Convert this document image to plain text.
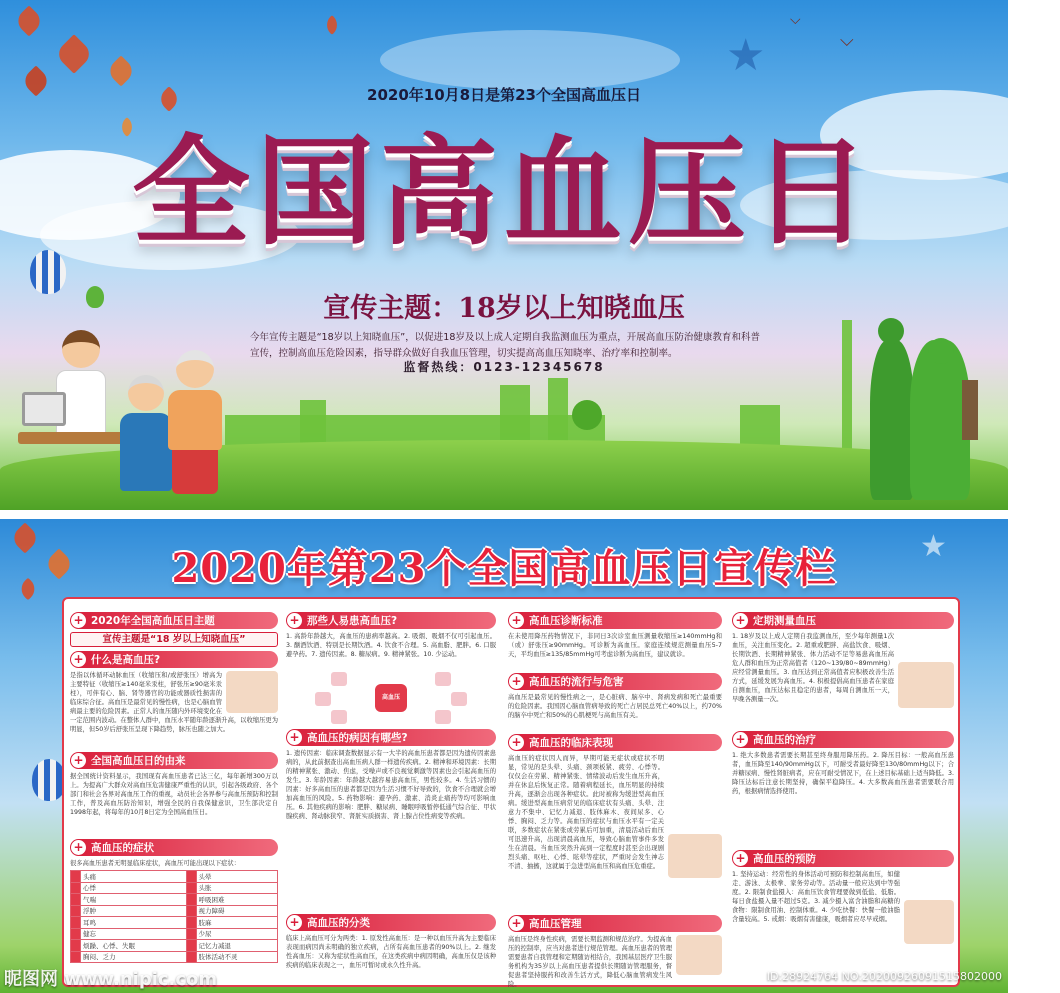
★	⌵
⌵
2020年10月8日是第23个全国高血压日
全国高血压日
宣传主题：18岁以上知晓血压
今年宣传主题是“18岁以上知晓血压”，以促进18岁及以上成人定期自我监测血压为重点，开展高血压防治健康教育和科普宣传，控制高血压危险因素，指导群众做好自我血压管理，切实提高高血压知晓率、治疗率和控制率。
监督热线：0123-12345678
★
2020年第23个全国高血压日宣传栏
+ 2020年全国高血压日主题
宣传主题是“18 岁以上知晓血压”
+ 什么是高血压?
是指以体循环动脉血压（收缩压和/或舒张压）增高为主要特征（收缩压≥140毫米汞柱，舒张压≥90毫米汞柱），可伴有心、脑、肾等器官的功能或器质性损害的临床综合征。高血压是最常见的慢性病，也是心脑血管病最主要的危险因素。正常人的血压随内外环境变化在一定范围内波动。在整体人群中，血压水平随年龄逐渐升高，以收缩压更为明显，但50岁后舒张压呈现下降趋势，脉压也随之加大。
+ 全国高血压日的由来
据全国统计资料显示，我国现有高血压患者已达三亿，每年新增300万以上。为提高广大群众对高血压危害健康严重性的认识，引起各级政府、各个部门和社会各界对高血压工作的重视，动员社会各界参与高血压预防和控制工作，普及高血压防治知识，增强全民的自我保健意识，卫生部决定自1998年起，将每年的10月8日定为全国高血压日。
+ 高血压的症状
很多高血压患者无明显临床症状，高血压可能出现以下症状：
	头痛		头晕
	心悸		头胀
	气喘		呼吸困难
	浮肿		视力障碍
	耳鸣		肢麻
	健忘		少尿
	烦躁、心悸、失眠		记忆力减退
	胸闷、乏力		肢体活动不灵
+ 那些人易患高血压?
1. 高龄年龄越大，高血压的患病率越高。2. 吸烟、吸烟不仅可引起血压。3. 酗酒饮酒、特别是长期饮酒。4. 饮食不合理。5. 高血脂、肥胖。6. 口服避孕药。7. 遗传因素。8. 糖尿病。9. 精神紧张。10. 少运动。
高血压
+ 高血压的病因有哪些?
1. 遗传因素：临床调查数据显示有一大半的高血压患者都是因为遗传因素患病的，从此前据查出高血压病人群一样遗传疾病。2. 精神和环境因素：长期的精神紧张、激动、焦虑，受噪声或不良视觉刺激等因素也会引起高血压的发生。3. 年龄因素：年龄越大越容易患高血压，男性较多。4. 生活习惯的因素：好多高血压的患者都是因为生活习惯不好导致的，饮食不合理就会增加高血压的风险。5. 药物影响：避孕药、激素、消炎止痛药等均可影响血压。6. 其他疾病的影响：肥胖、糖尿病、睡眠呼吸暂停低通气综合征、甲状腺疾病、肾动脉狭窄、肾脏实质损害、肾上腺占位性病变等疾病。
+ 高血压的分类
临床上高血压可分为两类：1. 原发性高血压：是一种以血压升高为主要临床表现而病因尚未明确的独立疾病，占所有高血压患者的90%以上。2. 继发性高血压：又称为症状性高血压，在这类疾病中病因明确，高血压仅是该种疾病的临床表现之一，血压可暂时或永久性升高。
+ 高血压诊断标准
在未使用降压药物情况下，非同日3次诊室血压测量收缩压≥140mmHg和（或）舒张压≥90mmHg。可诊断为高血压。家庭连续规范测量血压5-7天，平均血压≥135/85mmHg可考虑诊断为高血压，建议就诊。
+ 高血压的流行与危害
高血压是最常见的慢性病之一，是心脏病、脑卒中、肾病发病和死亡最重要的危险因素。我国因心脑血管病导致的死亡占居民总死亡40%以上，约70%的脑卒中死亡和50%的心肌梗死与高血压有关。
+ 高血压的临床表现
高血压的症状因人而异，早期可能无症状或症状不明显，常见的是头晕、头痛、颈项板紧、疲劳、心悸等。仅仅会在劳累、精神紧张、情绪波动后发生血压升高，并在休息后恢复正常。随着病程延长，血压明显的持续升高，逐渐会出现各种症状。此时被称为缓进型高血压病。缓进型高血压病常见的临床症状有头痛、头晕、注意力不集中、记忆力减退、肢体麻木、夜间尿多、心悸、胸闷、乏力等。高血压的症状与血压水平有一定关联，多数症状在紧张或劳累后可加重，清晨活动后血压可迅速升高，出现清晨高血压，导致心脑血管事件多发生在清晨。当血压突然升高到一定程度时甚至会出现剧烈头痛、呕吐、心悸、眩晕等症状，严重时会发生神志不清、抽搐，这就属于急进型高血压和高血压危重症。
+ 高血压管理
高血压是终身性疾病，需要长期监测和规范治疗。为提高血压的控制率，应当对患者进行规范管理。高血压患者的管理需要患者自我管理和定期随访相结合，我国基层医疗卫生服务机构为35岁以上高血压患者提供长期随访管理服务，督促患者坚持服药和改善生活方式，降低心脑血管病发生风险。
+ 定期测量血压
1. 18岁及以上成人定期自我监测血压，至少每年测量1次血压，关注血压变化。2. 超重或肥胖、高盐饮食、吸烟、长期饮酒、长期精神紧张、体力活动不足等易患高血压高危人群和血压为正常高值者（120~139/80~89mmHg）应经常测量血压。3. 血压达到正常高值者应积极改善生活方式，延缓发展为高血压。4. 积极提倡高血压患者在家庭自测血压，血压达标且稳定的患者，每周自测血压一天，早晚各测量一次。
+ 高血压的治疗
1. 绝大多数患者需要长期甚至终身服用降压药。2. 降压目标：一般高血压患者，血压降至140/90mmHg以下，可耐受者最好降至130/80mmHg以下；合并糖尿病、慢性肾脏病者，应在可耐受情况下，在上述目标基础上适当降低。3. 降压达标后注意长期坚持，确保平稳降压。4. 大多数高血压患者需要联合用药，根据病情选择使用。
+ 高血压的预防
1. 坚持运动：经常性的身体活动可预防和控制高血压，如健走、游泳、太极拳、家务劳动等。活动量一般应达到中等强度。2. 限制食盐摄入：高血压饮食管理要做到低盐、低脂。每日食盐摄入量不超过5克。3. 减少摄入富含油脂和高糖的食物：限制食用油、控制体重。4. 少吃快餐：快餐一般油脂含量较高。5. 戒烟：吸烟有害健康，吸烟者应尽早戒烟。
昵图网 www.nipic.com	ID:28924764 NO:20200926091515802000
